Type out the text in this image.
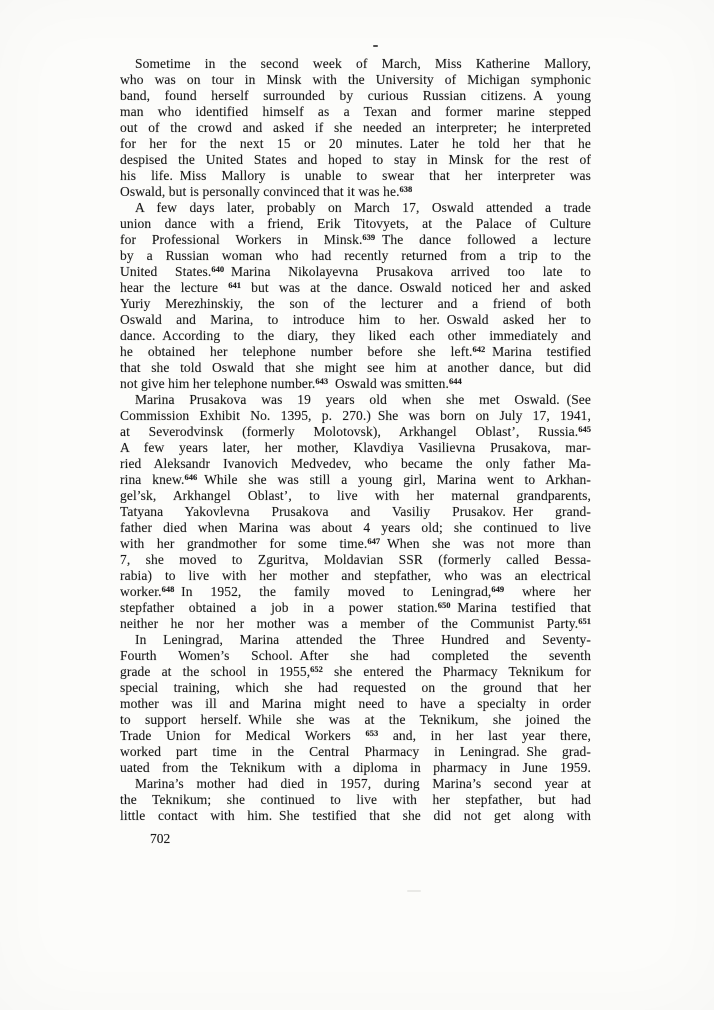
Sometime in the second week of March, Miss Katherine Mallory,
who was on tour in Minsk with the University of Michigan symphonic
band, found herself surrounded by curious Russian citizens. A young
man who identified himself as a Texan and former marine stepped
out of the crowd and asked if she needed an interpreter; he interpreted
for her for the next 15 or 20 minutes. Later he told her that he
despised the United States and hoped to stay in Minsk for the rest of
his life. Miss Mallory is unable to swear that her interpreter was
Oswald, but is personally convinced that it was he.$^{638}$
A few days later, probably on March 17, Oswald attended a trade
union dance with a friend, Erik Titovyets, at the Palace of Culture
for Professional Workers in Minsk.$^{639}$ The dance followed a lecture
by a Russian woman who had recently returned from a trip to the
United States.$^{640}$ Marina Nikolayevna Prusakova arrived too late to
hear the lecture $^{641}$ but was at the dance. Oswald noticed her and asked
Yuriy Merezhinskiy, the son of the lecturer and a friend of both
Oswald and Marina, to introduce him to her. Oswald asked her to
dance. According to the diary, they liked each other immediately and
he obtained her telephone number before she left.$^{642}$ Marina testified
that she told Oswald that she might see him at another dance, but did
not give him her telephone number.$^{643}$ Oswald was smitten.$^{644}$
Marina Prusakova was 19 years old when she met Oswald. (See
Commission Exhibit No. 1395, p. 270.) She was born on July 17, 1941,
at Severodvinsk (formerly Molotovsk), Arkhangel Oblast’, Russia.$^{645}$
A few years later, her mother, Klavdiya Vasilievna Prusakova, mar-
ried Aleksandr Ivanovich Medvedev, who became the only father Ma-
rina knew.$^{646}$ While she was still a young girl, Marina went to Arkhan-
gel’sk, Arkhangel Oblast’, to live with her maternal grandparents,
Tatyana Yakovlevna Prusakova and Vasiliy Prusakov. Her grand-
father died when Marina was about 4 years old; she continued to live
with her grandmother for some time.$^{647}$ When she was not more than
7, she moved to Zguritva, Moldavian SSR (formerly called Bessa-
rabia) to live with her mother and stepfather, who was an electrical
worker.$^{648}$ In 1952, the family moved to Leningrad,$^{649}$ where her
stepfather obtained a job in a power station.$^{650}$ Marina testified that
neither he nor her mother was a member of the Communist Party.$^{651}$
In Leningrad, Marina attended the Three Hundred and Seventy-
Fourth Women’s School. After she had completed the seventh
grade at the school in 1955,$^{652}$ she entered the Pharmacy Teknikum for
special training, which she had requested on the ground that her
mother was ill and Marina might need to have a specialty in order
to support herself. While she was at the Teknikum, she joined the
Trade Union for Medical Workers $^{653}$ and, in her last year there,
worked part time in the Central Pharmacy in Leningrad. She grad-
uated from the Teknikum with a diploma in pharmacy in June 1959.
Marina’s mother had died in 1957, during Marina’s second year at
the Teknikum; she continued to live with her stepfather, but had
little contact with him. She testified that she did not get along with
702
